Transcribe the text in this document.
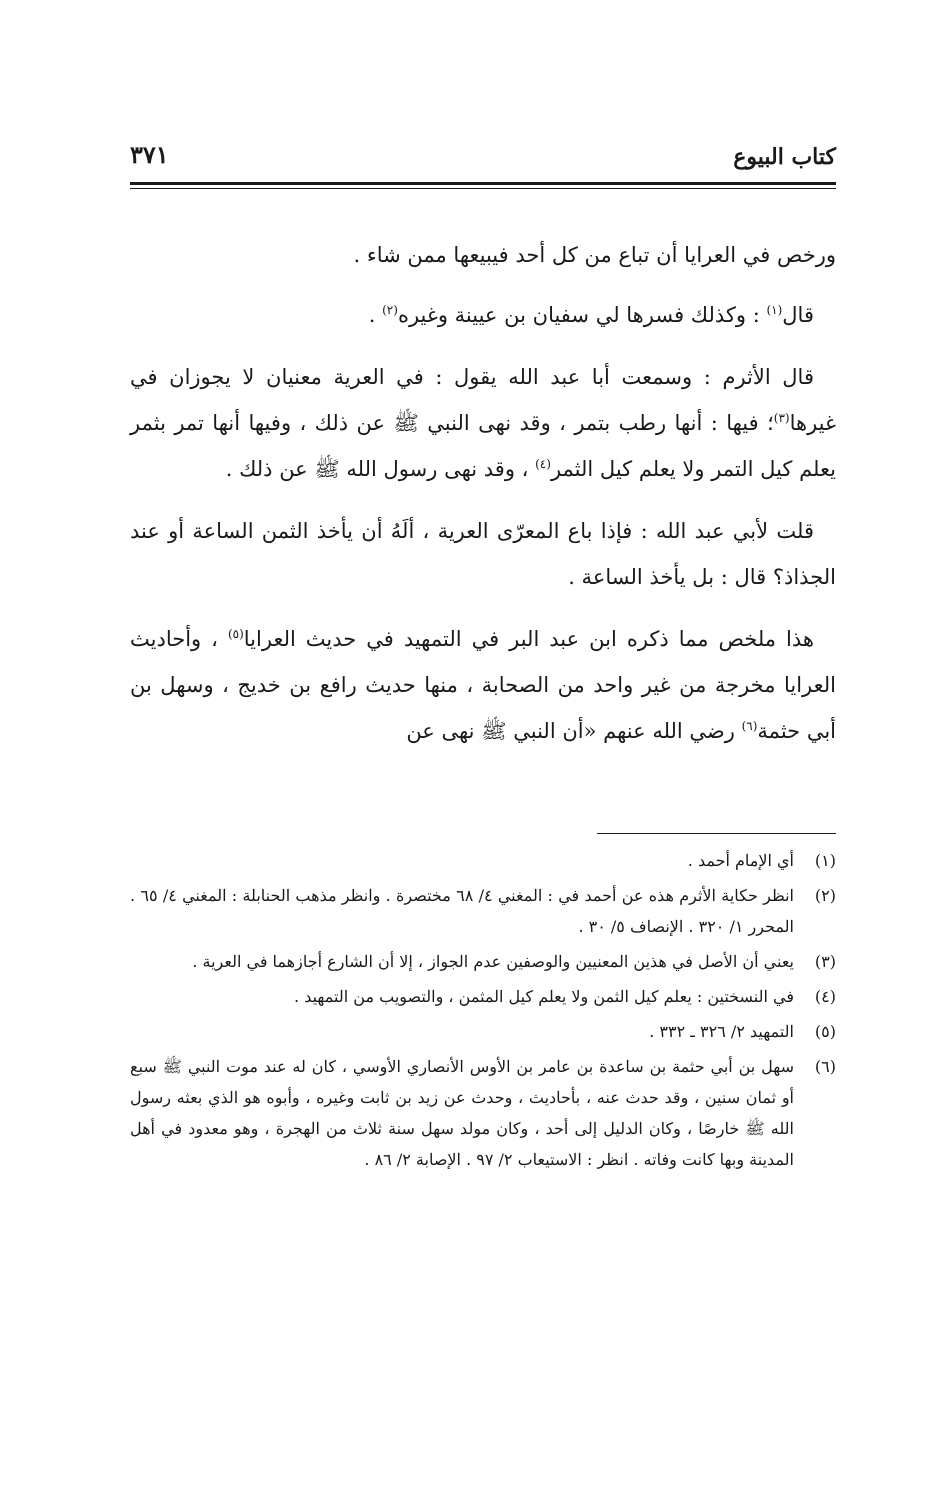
كتاب البيوع
٣٧١

ورخص في العرايا أن تباع من كل أحد فيبيعها ممن شاء .

قال$^{(١)}$ : وكذلك فسرها لي سفيان بن عيينة وغيره$^{(٢)}$ .

قال الأثرم : وسمعت أبا عبد الله يقول : في العرية معنيان لا يجوزان في غيرها$^{(٣)}$؛ فيها : أنها رطب بتمر ، وقد نهى النبي ﷺ عن ذلك ، وفيها أنها تمر بثمر يعلم كيل التمر ولا يعلم كيل الثمر$^{(٤)}$ ، وقد نهى رسول الله ﷺ عن ذلك .

قلت لأبي عبد الله : فإذا باع المعرّى العرية ، ألَهُ أن يأخذ الثمن الساعة أو عند الجذاذ؟ قال : بل يأخذ الساعة .

هذا ملخص مما ذكره ابن عبد البر في التمهيد في حديث العرايا$^{(٥)}$ ، وأحاديث العرايا مخرجة من غير واحد من الصحابة ، منها حديث رافع بن خديج ، وسهل بن أبي حثمة$^{(٦)}$ رضي الله عنهم «أن النبي ﷺ نهى عن

(١)
أي الإمام أحمد .
(٢)
انظر حكاية الأثرم هذه عن أحمد في : المغني ٤/ ٦٨ مختصرة . وانظر مذهب الحنابلة : المغني ٤/ ٦٥ . المحرر ١/ ٣٢٠ . الإنصاف ٥/ ٣٠ .
(٣)
يعني أن الأصل في هذين المعنيين والوصفين عدم الجواز ، إلا أن الشارع أجازهما في العرية .
(٤)
في النسختين : يعلم كيل الثمن ولا يعلم كيل المثمن ، والتصويب من التمهيد .
(٥)
التمهيد ٢/ ٣٢٦ ـ ٣٣٢ .
(٦)
سهل بن أبي حثمة بن ساعدة بن عامر بن الأوس الأنصاري الأوسي ، كان له عند موت النبي ﷺ سبع أو ثمان سنين ، وقد حدث عنه ، بأحاديث ، وحدث عن زيد بن ثابت وغيره ، وأبوه هو الذي بعثه رسول الله ﷺ خارصًا ، وكان الدليل إلى أحد ، وكان مولد سهل سنة ثلاث من الهجرة ، وهو معدود في أهل المدينة وبها كانت وفاته . انظر : الاستيعاب ٢/ ٩٧ . الإصابة ٢/ ٨٦ .
